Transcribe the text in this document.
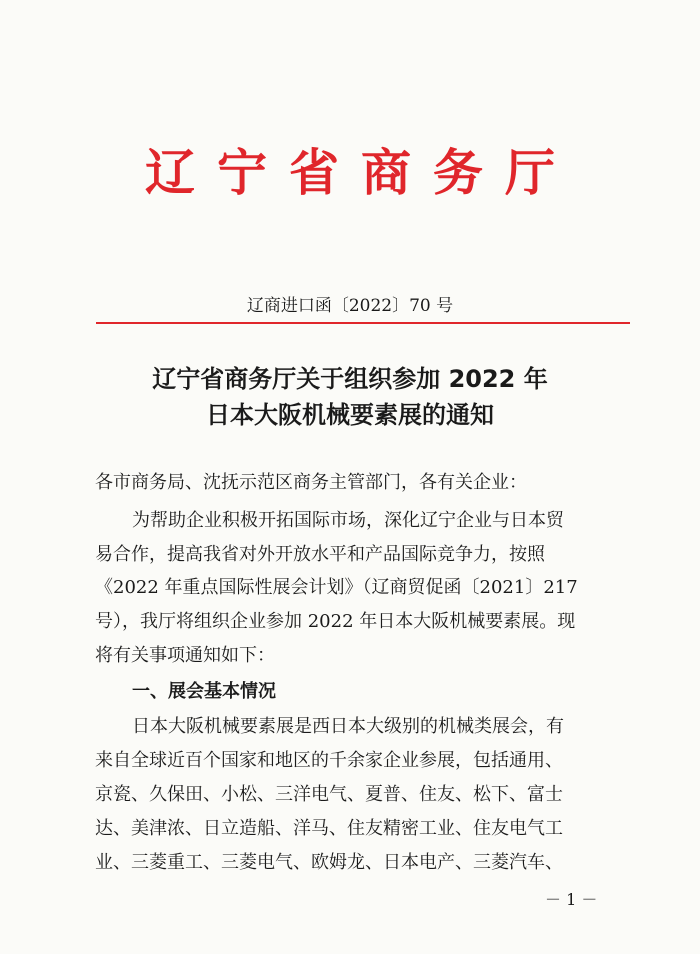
辽宁省商务厅
辽商进口函〔2022〕70 号
辽宁省商务厅关于组织参加 2022 年
日本大阪机械要素展的通知
各市商务局、沈抚示范区商务主管部门，各有关企业：
为帮助企业积极开拓国际市场，深化辽宁企业与日本贸
易合作，提高我省对外开放水平和产品国际竞争力，按照
《2022 年重点国际性展会计划》（辽商贸促函〔2021〕217
号），我厅将组织企业参加 2022 年日本大阪机械要素展。现
将有关事项通知如下：
一、展会基本情况
日本大阪机械要素展是西日本大级别的机械类展会，有
来自全球近百个国家和地区的千余家企业参展，包括通用、
京瓷、久保田、小松、三洋电气、夏普、住友、松下、富士
达、美津浓、日立造船、洋马、住友精密工业、住友电气工
业、三菱重工、三菱电气、欧姆龙、日本电产、三菱汽车、
－ 1 －
